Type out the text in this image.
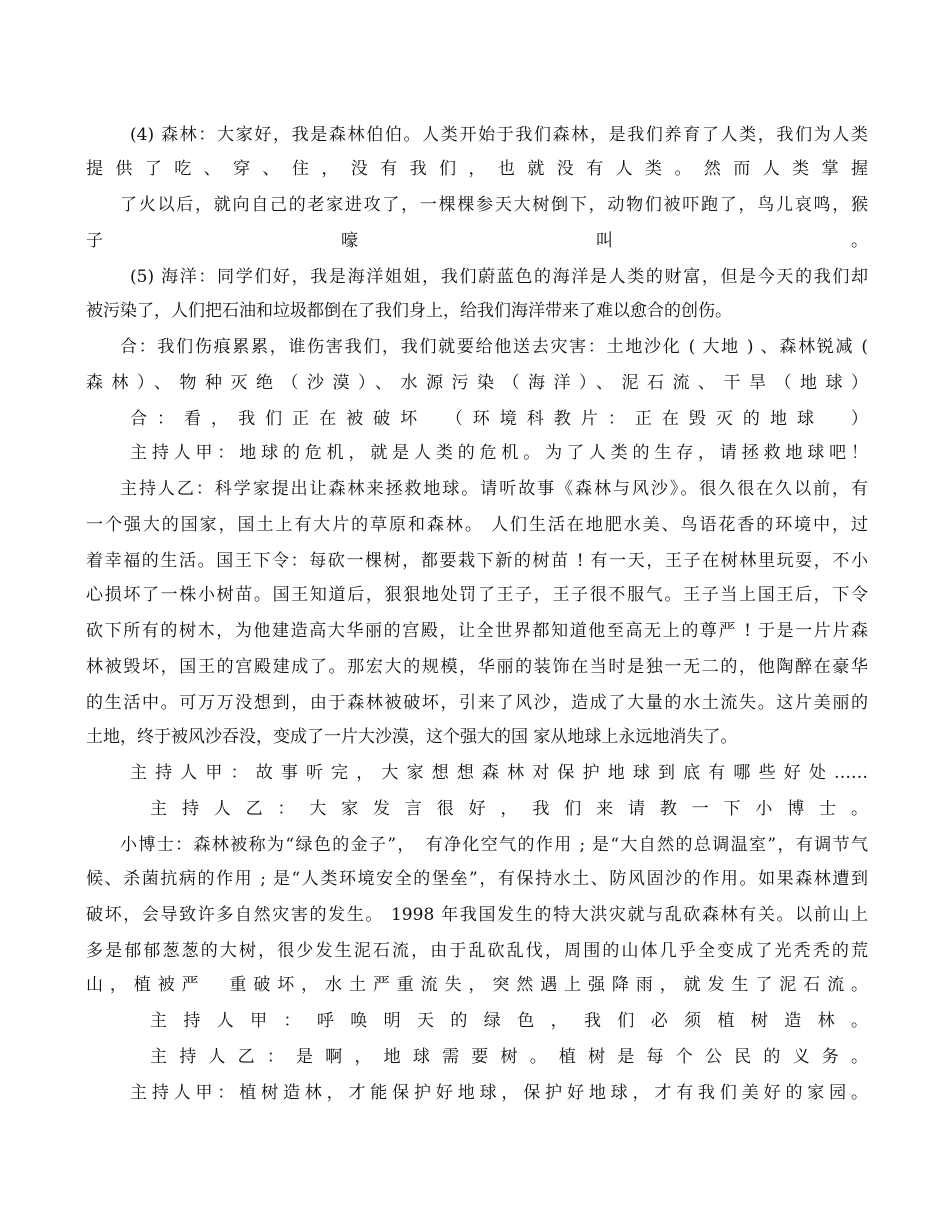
(4) 森林：大家好，我是森林伯伯。人类开始于我们森林，是我们养育了人类，我们为人类
提供了吃、穿、住，没有我们，也就没有人类。然而人类掌握
了火以后，就向自己的老家进攻了，一棵棵参天大树倒下，动物们被吓跑了，鸟儿哀鸣，猴
子　　　　　　　　　　　　　嚎　　　　　　　　　　　　　叫　　　　　　　　　　　　　。
(5) 海洋：同学们好，我是海洋姐姐，我们蔚蓝色的海洋是人类的财富，但是今天的我们却
被污染了，人们把石油和垃圾都倒在了我们身上，给我们海洋带来了难以愈合的创伤。
合：我们伤痕累累，谁伤害我们，我们就要给他送去灾害：土地沙化 ( 大地 ) 、森林锐减 (
森林）、物种灭绝（沙漠）、水源污染（海洋）、泥石流、干旱（地球）
合：看，我们正在被破坏　（环境科教片：正在毁灭的地球　）
主持人甲：地球的危机，就是人类的危机。为了人类的生存，请拯救地球吧！
主持人乙：科学家提出让森林来拯救地球。请听故事《森林与风沙》。很久很在久以前，有
一个强大的国家，国土上有大片的草原和森林。 人们生活在地肥水美、鸟语花香的环境中，过
着幸福的生活。国王下令：每砍一棵树，都要栽下新的树苗 ! 有一天，王子在树林里玩耍，不小
心损坏了一株小树苗。国王知道后，狠狠地处罚了王子，王子很不服气。王子当上国王后，下令
砍下所有的树木，为他建造高大华丽的宫殿，让全世界都知道他至高无上的尊严 ! 于是一片片森
林被毁坏，国王的宫殿建成了。那宏大的规模，华丽的装饰在当时是独一无二的，他陶醉在豪华
的生活中。可万万没想到，由于森林被破坏，引来了风沙，造成了大量的水土流失。这片美丽的
土地，终于被风沙吞没，变成了一片大沙漠，这个强大的国 家从地球上永远地消失了。
主持人甲：故事听完，大家想想森林对保护地球到底有哪些好处……
主持人乙：大家发言很好，我们来请教一下小博士。
小博士：森林被称为“绿色的金子”，　有净化空气的作用 ; 是“大自然的总调温室”，有调节气
候、杀菌抗病的作用 ; 是“人类环境安全的堡垒”，有保持水土、防风固沙的作用。如果森林遭到
破坏，会导致许多自然灾害的发生。 1998 年我国发生的特大洪灾就与乱砍森林有关。以前山上
多是郁郁葱葱的大树，很少发生泥石流，由于乱砍乱伐，周围的山体几乎全变成了光秃秃的荒
山，植被严　重破坏，水土严重流失，突然遇上强降雨，就发生了泥石流。
主持人甲：呼唤明天的绿色，我们必须植树造林。
主持人乙：是啊，地球需要树。植树是每个公民的义务。
主持人甲：植树造林，才能保护好地球，保护好地球，才有我们美好的家园。
